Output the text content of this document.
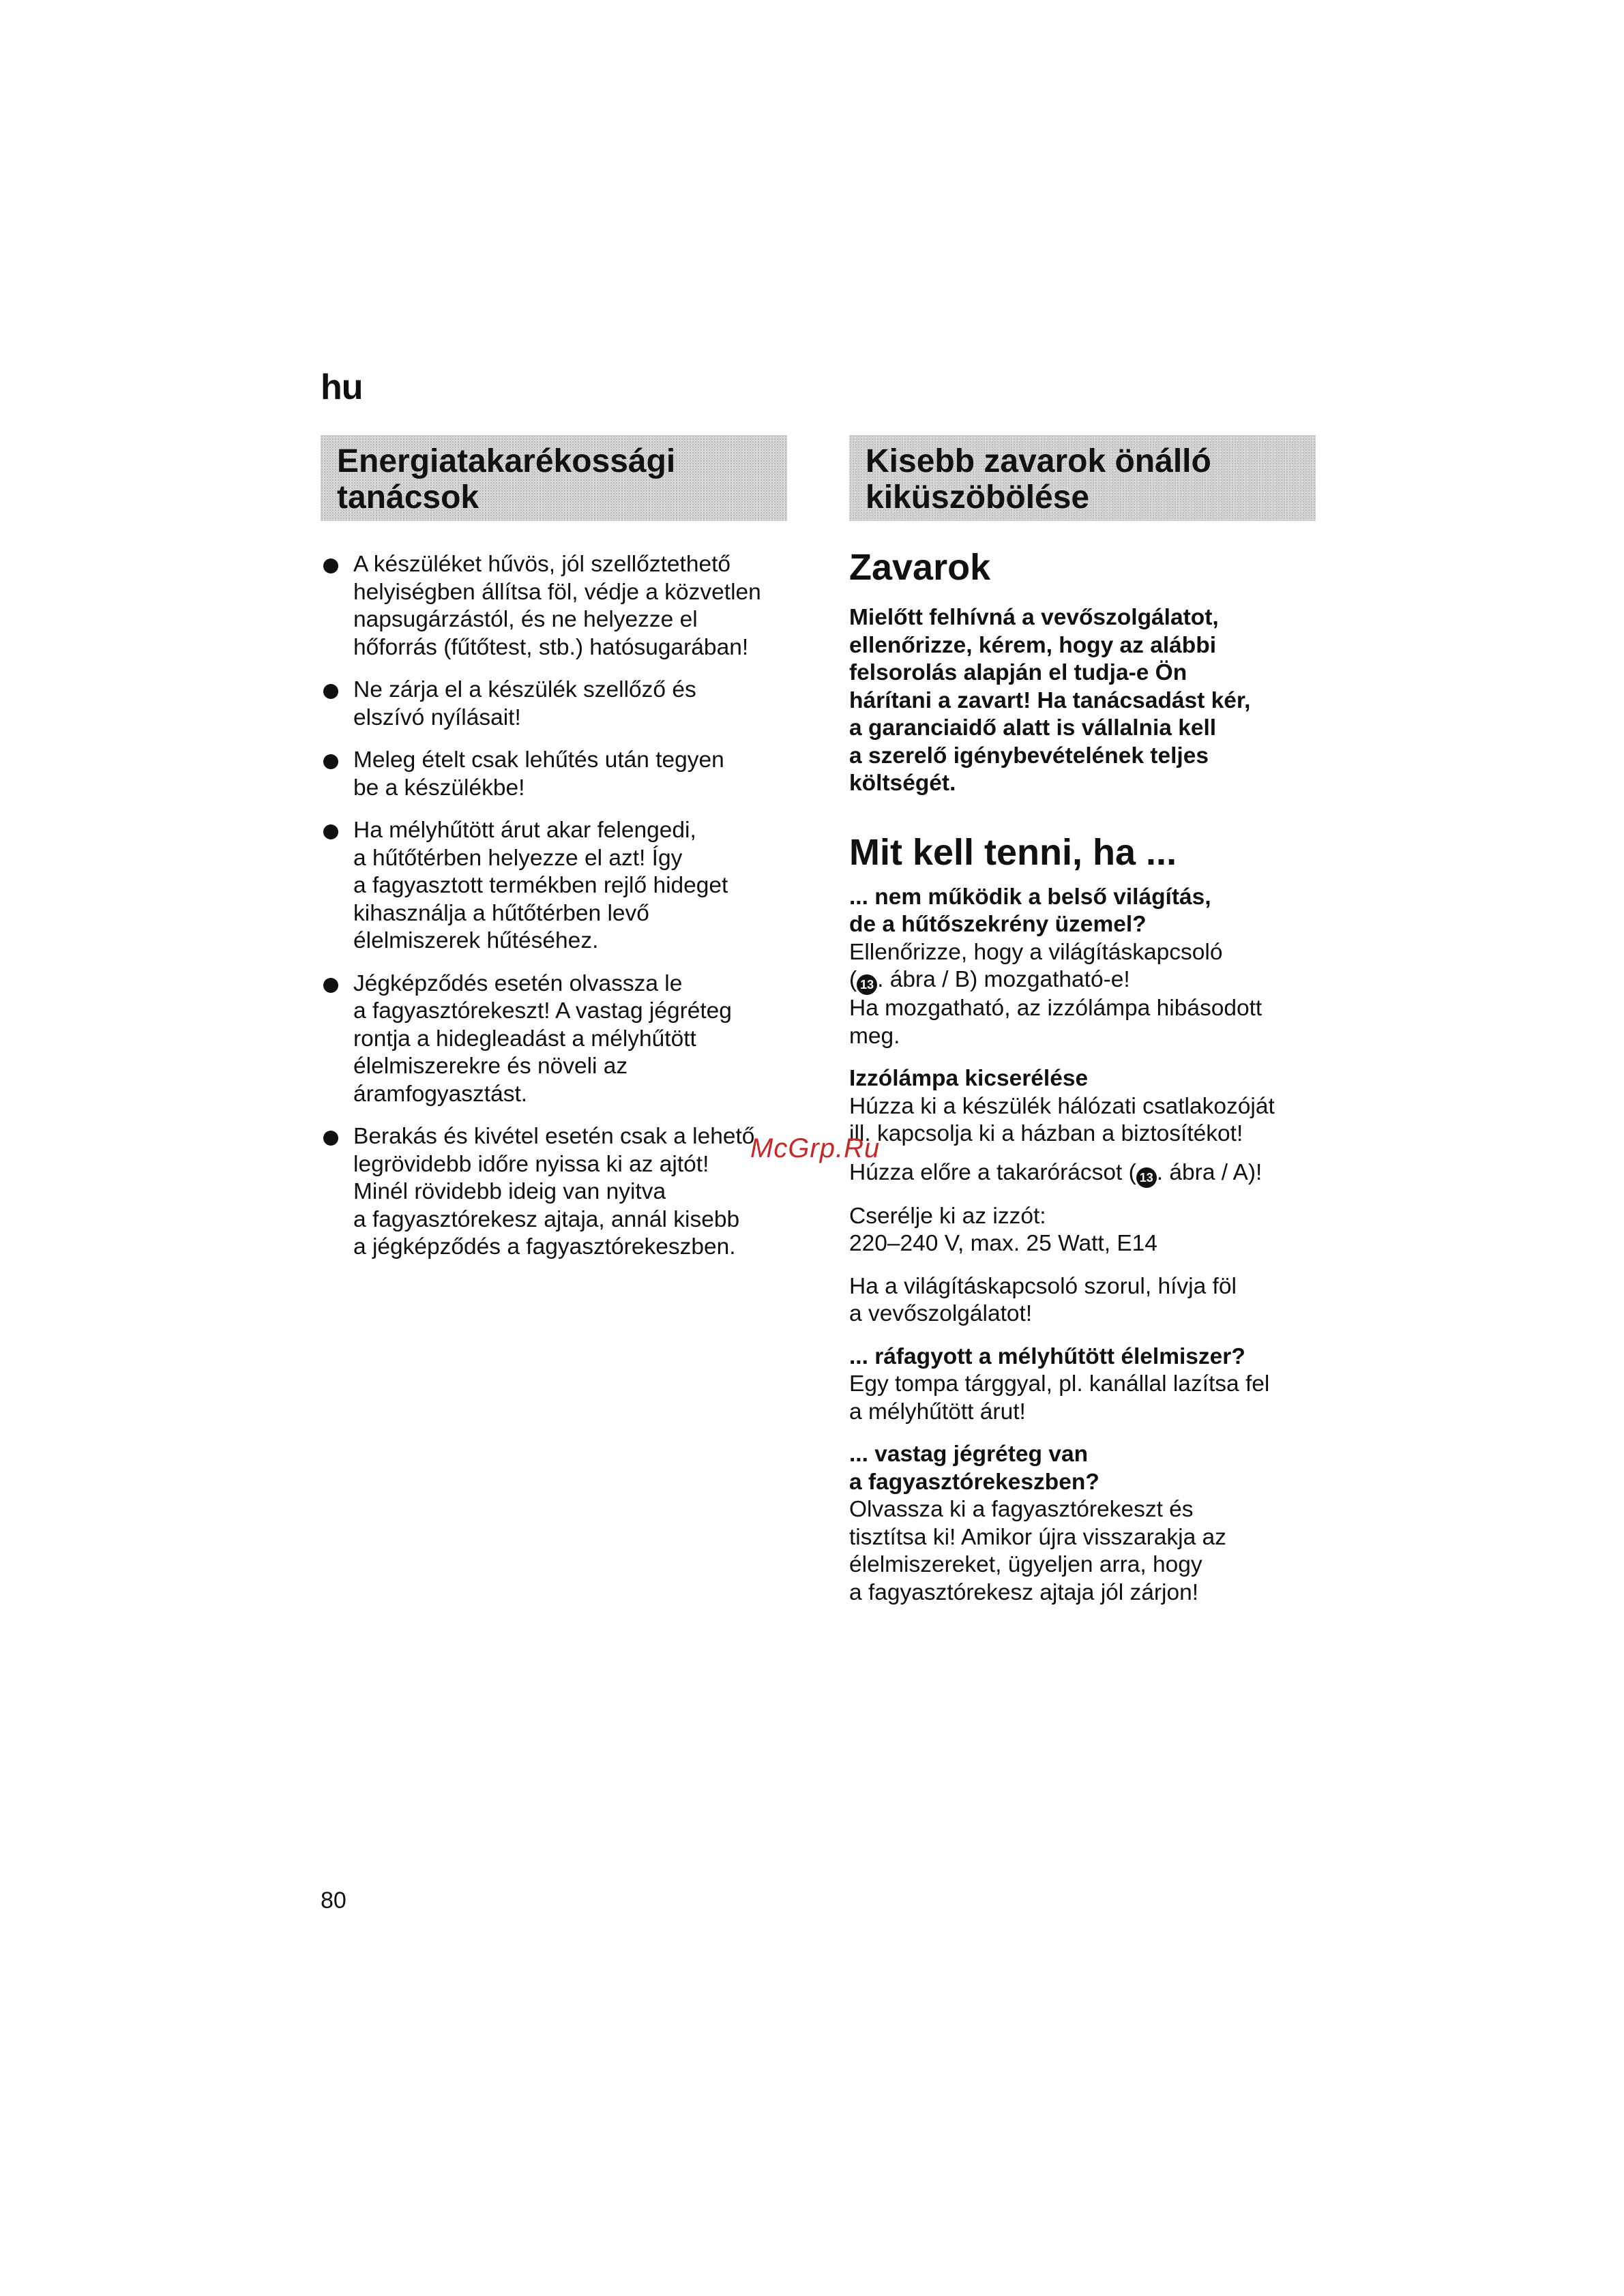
hu
Energiatakarékossági
tanácsok
Kisebb zavarok önálló
kiküszöbölése
A készüléket hűvös, jól szellőztethető
helyiségben állítsa föl, védje a közvetlen
napsugárzástól, és ne helyezze el
hőforrás (fűtőtest, stb.) hatósugarában!
Ne zárja el a készülék szellőző és
elszívó nyílásait!
Meleg ételt csak lehűtés után tegyen
be a készülékbe!
Ha mélyhűtött árut akar felengedi,
a hűtőtérben helyezze el azt! Így
a fagyasztott termékben rejlő hideget
kihasználja a hűtőtérben levő
élelmiszerek hűtéséhez.
Jégképződés esetén olvassza le
a fagyasztórekeszt! A vastag jégréteg
rontja a hidegleadást a mélyhűtött
élelmiszerekre és növeli az
áramfogyasztást.
Berakás és kivétel esetén csak a lehető
legrövidebb időre nyissa ki az ajtót!
Minél rövidebb ideig van nyitva
a fagyasztórekesz ajtaja, annál kisebb
a jégképződés a fagyasztórekeszben.
Zavarok
Mielőtt felhívná a vevőszolgálatot,
ellenőrizze, kérem, hogy az alábbi
felsorolás alapján el tudja-e Ön
hárítani a zavart! Ha tanácsadást kér,
a garanciaidő alatt is vállalnia kell
a szerelő igénybevételének teljes
költségét.
Mit kell tenni, ha ...
... nem működik a belső világítás,
de a hűtőszekrény üzemel?
Ellenőrizze, hogy a világításkapcsoló
( 13 . ábra / B) mozgatható-e!
Ha mozgatható, az izzólámpa hibásodott
meg.
Izzólámpa kicserélése
Húzza ki a készülék hálózati csatlakozóját
ill. kapcsolja ki a házban a biztosítékot!
Húzza előre a takarórácsot ( 13 . ábra / A)!
Cserélje ki az izzót:
220–240 V, max. 25 Watt, E14
Ha a világításkapcsoló szorul, hívja föl
a vevőszolgálatot!
... ráfagyott a mélyhűtött élelmiszer?
Egy tompa tárggyal, pl. kanállal lazítsa fel
a mélyhűtött árut!
... vastag jégréteg van
a fagyasztórekeszben?
Olvassza ki a fagyasztórekeszt és
tisztítsa ki! Amikor újra visszarakja az
élelmiszereket, ügyeljen arra, hogy
a fagyasztórekesz ajtaja jól zárjon!
McGrp.Ru
80
